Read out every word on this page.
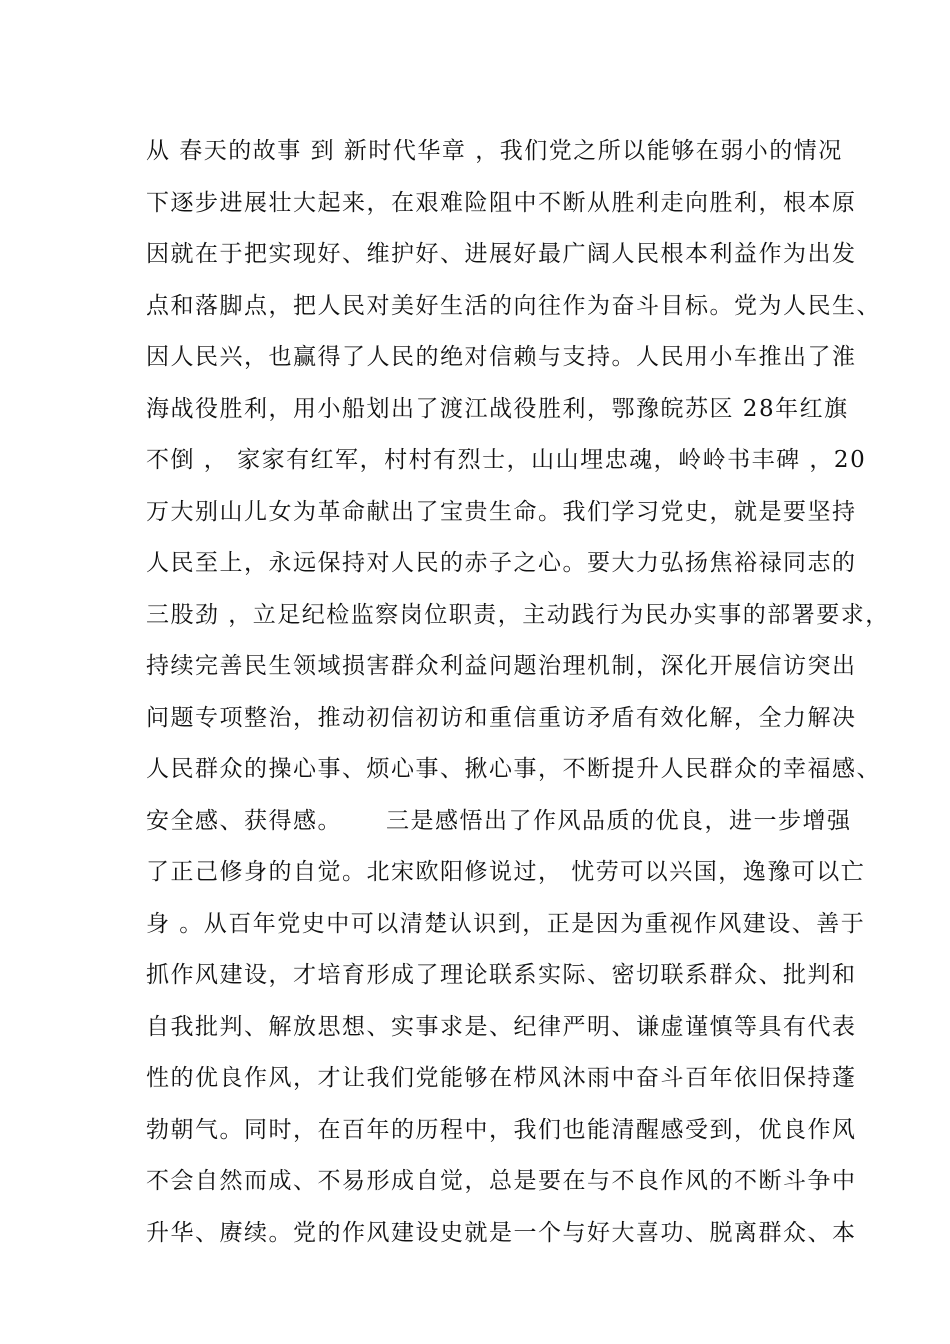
从 春天的故事 到 新时代华章 ，我们党之所以能够在弱小的情况
下逐步进展壮大起来，在艰难险阻中不断从胜利走向胜利，根本原
因就在于把实现好、维护好、进展好最广阔人民根本利益作为出发
点和落脚点，把人民对美好生活的向往作为奋斗目标。党为人民生、
因人民兴，也赢得了人民的绝对信赖与支持。人民用小车推出了淮
海战役胜利，用小船划出了渡江战役胜利，鄂豫皖苏区 28年红旗
不倒 ， 家家有红军，村村有烈士，山山埋忠魂，岭岭书丰碑 ，20
万大别山儿女为革命献出了宝贵生命。我们学习党史，就是要坚持
人民至上，永远保持对人民的赤子之心。要大力弘扬焦裕禄同志的
三股劲 ，立足纪检监察岗位职责，主动践行为民办实事的部署要求，
持续完善民生领域损害群众利益问题治理机制，深化开展信访突出
问题专项整治，推动初信初访和重信重访矛盾有效化解，全力解决
人民群众的操心事、烦心事、揪心事，不断提升人民群众的幸福感、
安全感、获得感。     三是感悟出了作风品质的优良，进一步增强
了正己修身的自觉。北宋欧阳修说过， 忧劳可以兴国，逸豫可以亡
身 。从百年党史中可以清楚认识到，正是因为重视作风建设、善于
抓作风建设，才培育形成了理论联系实际、密切联系群众、批判和
自我批判、解放思想、实事求是、纪律严明、谦虚谨慎等具有代表
性的优良作风，才让我们党能够在栉风沐雨中奋斗百年依旧保持蓬
勃朝气。同时，在百年的历程中，我们也能清醒感受到，优良作风
不会自然而成、不易形成自觉，总是要在与不良作风的不断斗争中
升华、赓续。党的作风建设史就是一个与好大喜功、脱离群众、本
